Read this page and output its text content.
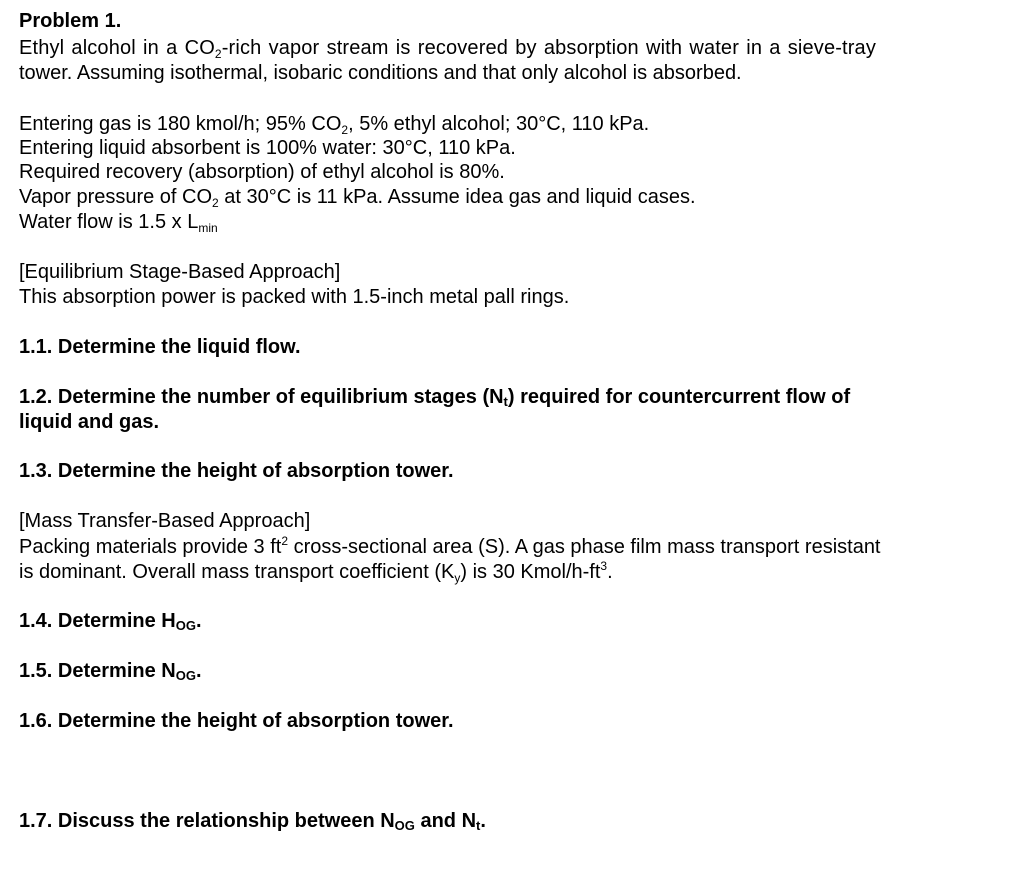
Problem 1.
Ethyl alcohol in a $CO_2$-rich vapor stream is recovered by absorption with water in a sieve-tray
tower. Assuming isothermal, isobaric conditions and that only alcohol is absorbed.
Entering gas is 180 kmol/h; 95% $CO_2$, 5% ethyl alcohol; 30°C, 110 kPa.
Entering liquid absorbent is 100% water: 30°C, 110 kPa.
Required recovery (absorption) of ethyl alcohol is 80%.
Vapor pressure of $CO_2$ at 30°C is 11 kPa. Assume idea gas and liquid cases.
Water flow is 1.5 x $L_{min}$
[Equilibrium Stage-Based Approach]
This absorption power is packed with 1.5-inch metal pall rings.
1.1. Determine the liquid flow.
1.2. Determine the number of equilibrium stages (Nt) required for countercurrent flow of
liquid and gas.
1.3. Determine the height of absorption tower.
[Mass Transfer-Based Approach]
Packing materials provide 3 $ft^2$ cross-sectional area (S). A gas phase film mass transport resistant
is dominant. Overall mass transport coefficient $(K_y)$ is 30 Kmol/$h-ft^3$.
1.4. Determine HOG.
1.5. Determine NOG.
1.6. Determine the height of absorption tower.
1.7. Discuss the relationship between NOG and Nt.
